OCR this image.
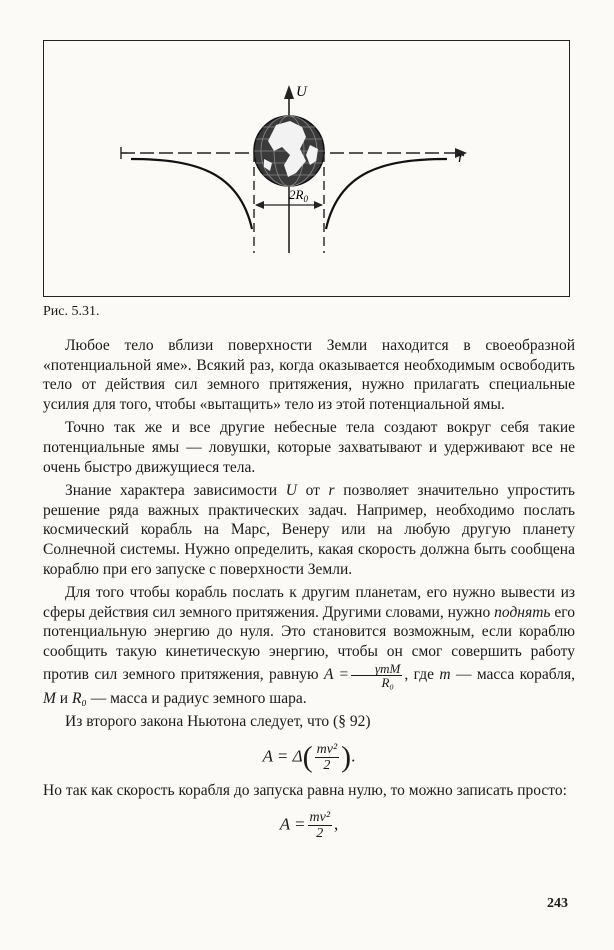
U
r
$2R_0$
Рис. 5.31.

Любое тело вблизи поверхности Земли находится в своеобразной «потенциальной яме». Всякий раз, когда оказывается необходимым освободить тело от действия сил земного притяжения, нужно прилагать специальные усилия для того, чтобы «вытащить» тело из этой потенциальной ямы.

Точно так же и все другие небесные тела создают вокруг себя такие потенциальные ямы — ловушки, которые захватывают и удерживают все не очень быстро движущиеся тела.

Знание характера зависимости U от r позволяет значительно упростить решение ряда важных практических задач. Например, необходимо послать космический корабль на Марс, Венеру или на любую другую планету Солнечной системы. Нужно определить, какая скорость должна быть сообщена кораблю при его запуске с поверхности Земли.

Для того чтобы корабль послать к другим планетам, его нужно вывести из сферы действия сил земного притяжения. Другими словами, нужно поднять его потенциальную энергию до нуля. Это становится возможным, если кораблю сообщить такую кинетическую энергию, чтобы он смог совершить работу против сил земного притяжения, равную $A = \frac{\text{γmM}}{\text{R₀}}$ , где m — масса корабля, M и R₀ — масса и радиус земного шара.

Из второго закона Ньютона следует, что (§ 92)

$A = \Delta( \frac{\text{mv²}}{2}$ ).

Но так как скорость корабля до запуска равна нулю, то можно записать просто:

$A = \frac{\text{mv²}}{2}$ ,
243
